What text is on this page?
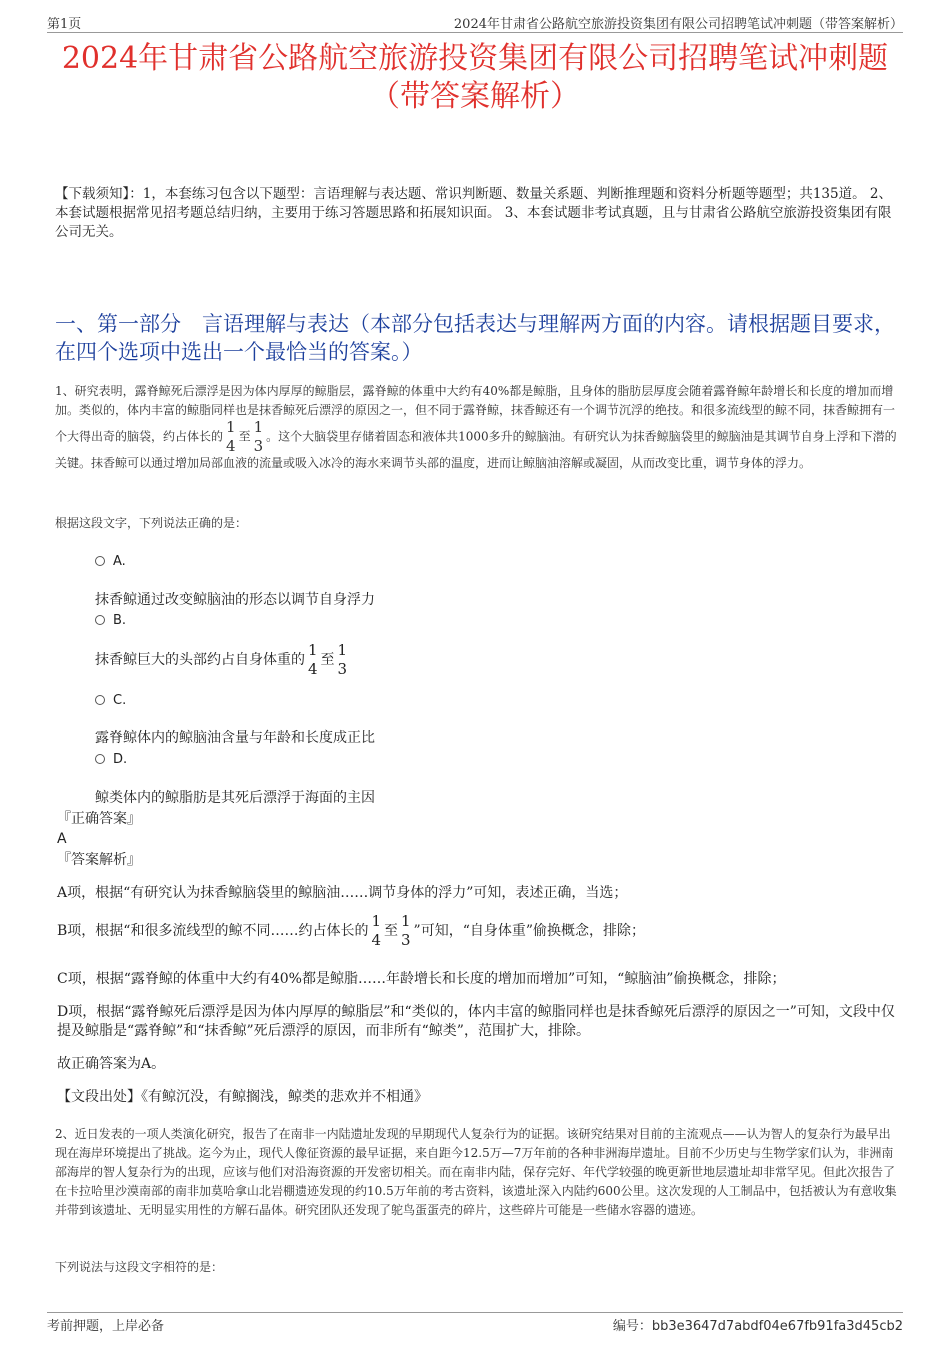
第1页	2024年甘肃省公路航空旅游投资集团有限公司招聘笔试冲刺题（带答案解析）
2024年甘肃省公路航空旅游投资集团有限公司招聘笔试冲刺题
（带答案解析）
【下载须知】：1，本套练习包含以下题型：言语理解与表达题、常识判断题、数量关系题、判断推理题和资料分析题等题型；共135道。 2、本套试题根据常见招考题总结归纳，主要用于练习答题思路和拓展知识面。 3、本套试题非考试真题，且与甘肃省公路航空旅游投资集团有限公司无关。
一、第一部分　言语理解与表达（本部分包括表达与理解两方面的内容。请根据题目要求，在四个选项中选出一个最恰当的答案。）
1、研究表明，露脊鲸死后漂浮是因为体内厚厚的鲸脂层，露脊鲸的体重中大约有40%都是鲸脂，且身体的脂肪层厚度会随着露脊鲸年龄增长和长度的增加而增加。类似的，体内丰富的鲸脂同样也是抹香鲸死后漂浮的原因之一，但不同于露脊鲸，抹香鲸还有一个调节沉浮的绝技。和很多流线型的鲸不同，抹香鲸拥有一个大得出奇的脑袋，约占体长的
1
4
至
1
3
。这个大脑袋里存储着固态和液体共1000多升的鲸脑油。有研究认为抹香鲸脑袋里的鲸脑油是其调节自身上浮和下潜的关键。抹香鲸可以通过增加局部血液的流量或吸入冰冷的海水来调节头部的温度，进而让鲸脑油溶解或凝固，从而改变比重，调节身体的浮力。
根据这段文字，下列说法正确的是：
A.
抹香鲸通过改变鲸脑油的形态以调节自身浮力
B.
抹香鲸巨大的头部约占自身体重的
1
4 至
1
3
C.
露脊鲸体内的鲸脑油含量与年龄和长度成正比
D.
鲸类体内的鲸脂肪是其死后漂浮于海面的主因
『正确答案』
A
『答案解析』
A项，根据“有研究认为抹香鲸脑袋里的鲸脑油……调节身体的浮力”可知，表述正确，当选；
B项，根据“和很多流线型的鲸不同……约占体长的
1
4 至
1
3 ”可知，“自身体重”偷换概念，排除；
C项，根据“露脊鲸的体重中大约有40%都是鲸脂……年龄增长和长度的增加而增加”可知，“鲸脑油”偷换概念，排除；
D项，根据“露脊鲸死后漂浮是因为体内厚厚的鲸脂层”和“类似的，体内丰富的鲸脂同样也是抹香鲸死后漂浮的原因之一”可知，文段中仅提及鲸脂是“露脊鲸”和“抹香鲸”死后漂浮的原因，而非所有“鲸类”，范围扩大，排除。
故正确答案为A。
【文段出处】《有鲸沉没，有鲸搁浅，鲸类的悲欢并不相通》
2、近日发表的一项人类演化研究，报告了在南非一内陆遗址发现的早期现代人复杂行为的证据。该研究结果对目前的主流观点——认为智人的复杂行为最早出现在海岸环境提出了挑战。迄今为止，现代人像征资源的最早证据，来自距今12.5万—7万年前的各种非洲海岸遗址。目前不少历史与生物学家们认为，非洲南部海岸的智人复杂行为的出现，应该与他们对沿海资源的开发密切相关。而在南非内陆，保存完好、年代学较强的晚更新世地层遗址却非常罕见。但此次报告了在卡拉哈里沙漠南部的南非加莫哈拿山北岩棚遗迹发现的约10.5万年前的考古资料，该遗址深入内陆约600公里。这次发现的人工制品中，包括被认为有意收集并带到该遗址、无明显实用性的方解石晶体。研究团队还发现了鸵鸟蛋蛋壳的碎片，这些碎片可能是一些储水容器的遗迹。
下列说法与这段文字相符的是：
考前押题，上岸必备	编号：bb3e3647d7abdf04e67fb91fa3d45cb2
